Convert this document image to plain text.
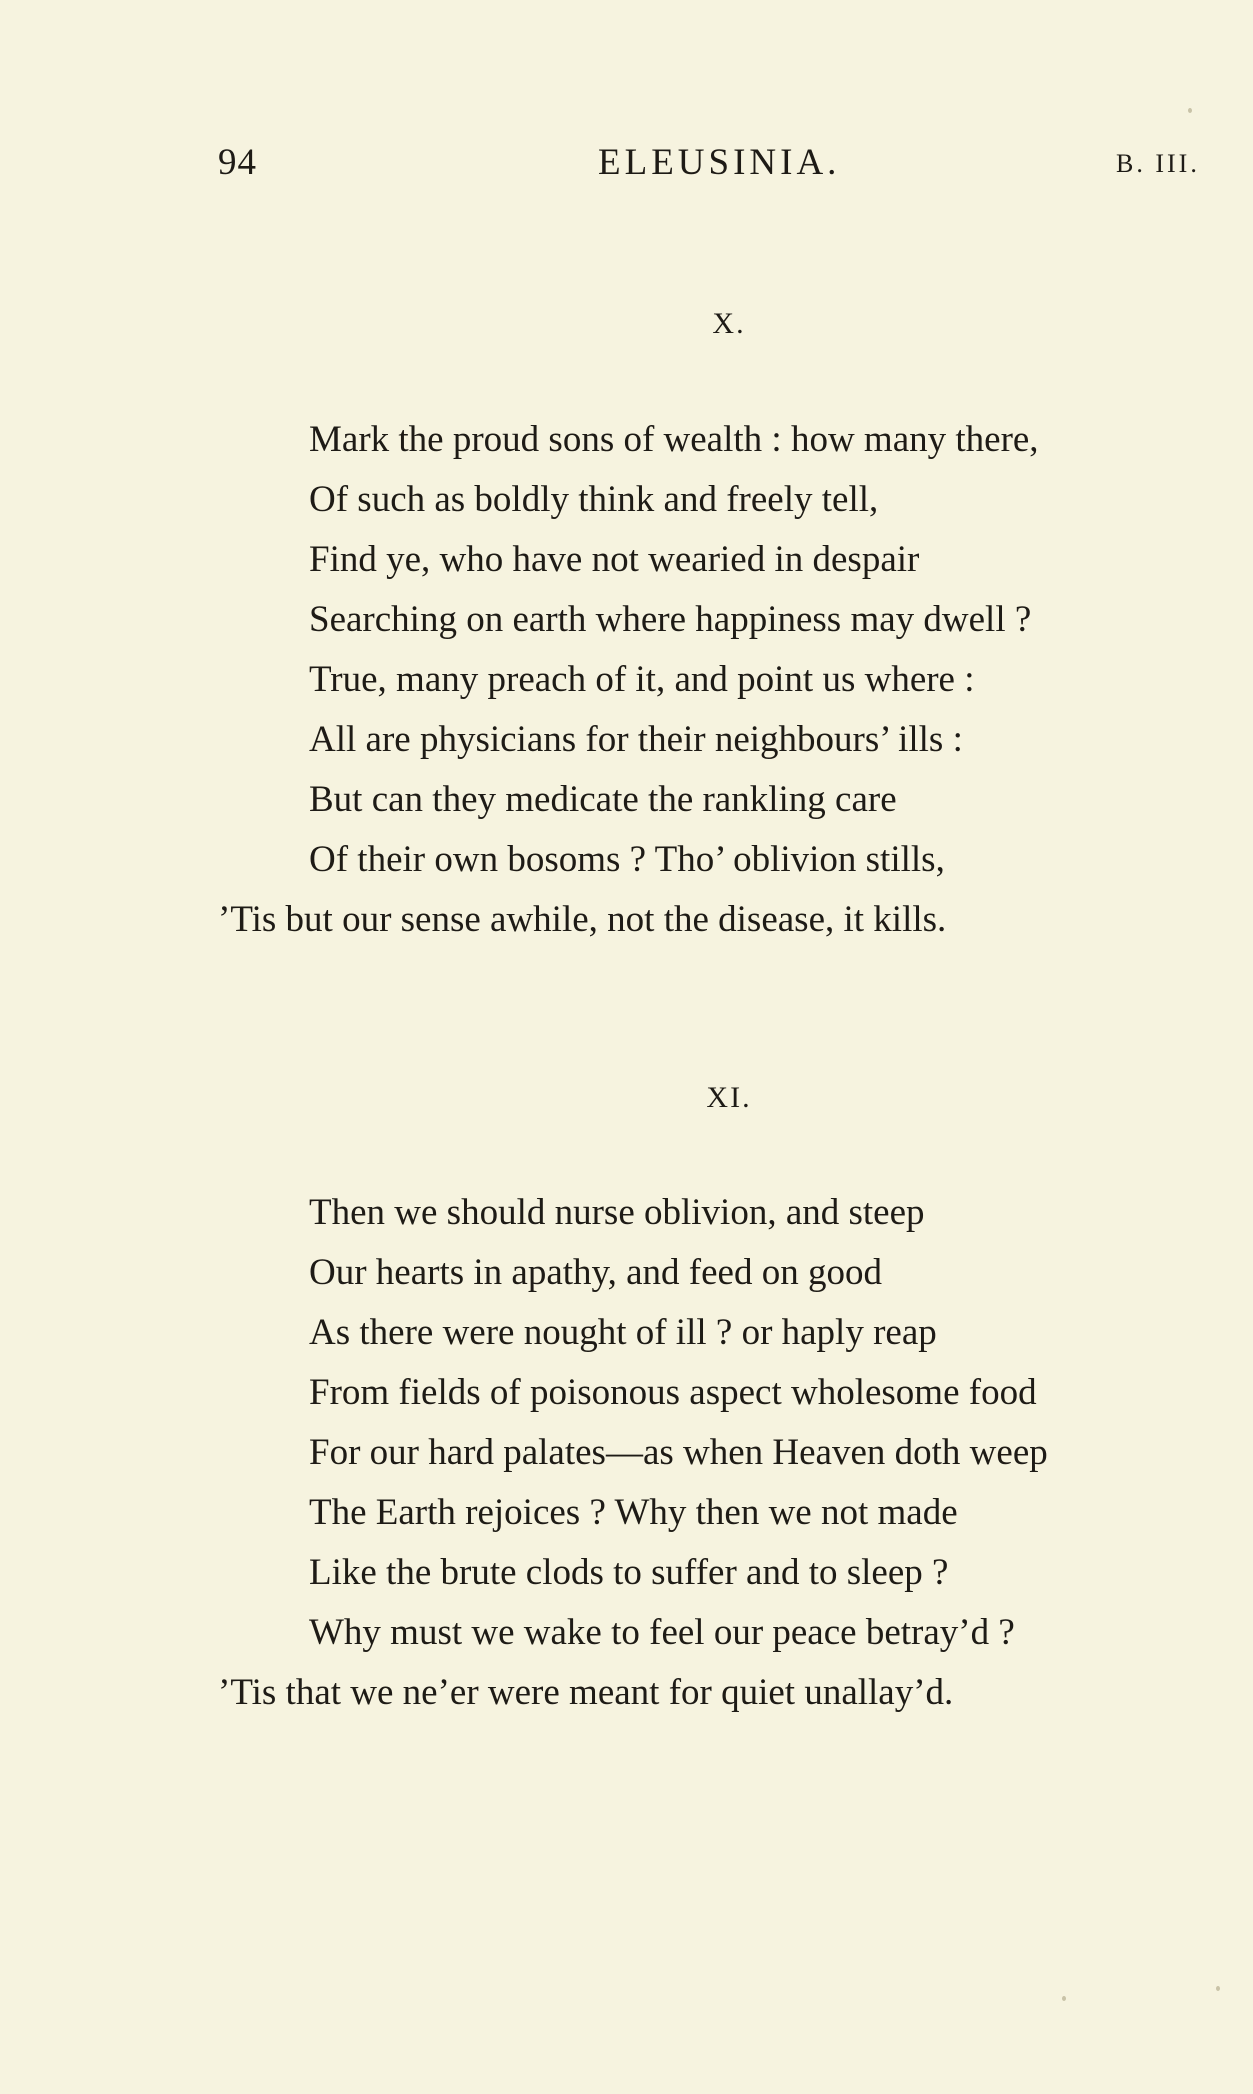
94	ELEUSINIA.	B. III.
X.
Mark the proud sons of wealth : how many there,
Of such as boldly think and freely tell,
Find ye, who have not wearied in despair
Searching on earth where happiness may dwell ?
True, many preach of it, and point us where :
All are physicians for their neighbours’ ills :
But can they medicate the rankling care
Of their own bosoms ? Tho’ oblivion stills,
’Tis but our sense awhile, not the disease, it kills.
XI.
Then we should nurse oblivion, and steep
Our hearts in apathy, and feed on good
As there were nought of ill ? or haply reap
From fields of poisonous aspect wholesome food
For our hard palates—as when Heaven doth weep
The Earth rejoices ? Why then we not made
Like the brute clods to suffer and to sleep ?
Why must we wake to feel our peace betray’d ?
’Tis that we ne’er were meant for quiet unallay’d.
